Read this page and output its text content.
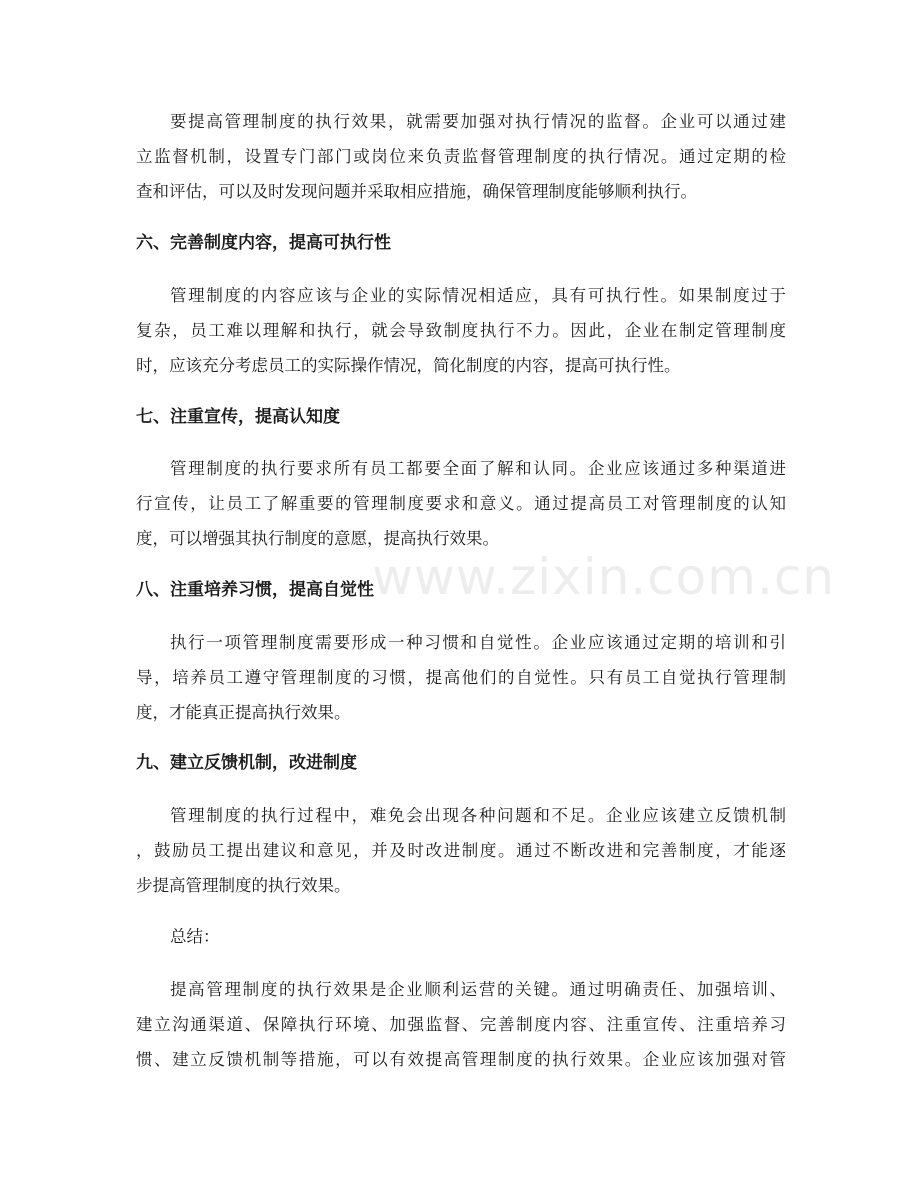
www.zixin.com.cn
要提高管理制度的执行效果，就需要加强对执行情况的监督。企业可以通过建
立监督机制，设置专门部门或岗位来负责监督管理制度的执行情况。通过定期的检
查和评估，可以及时发现问题并采取相应措施，确保管理制度能够顺利执行。
六、完善制度内容，提高可执行性
管理制度的内容应该与企业的实际情况相适应，具有可执行性。如果制度过于
复杂，员工难以理解和执行，就会导致制度执行不力。因此，企业在制定管理制度
时，应该充分考虑员工的实际操作情况，简化制度的内容，提高可执行性。
七、注重宣传，提高认知度
管理制度的执行要求所有员工都要全面了解和认同。企业应该通过多种渠道进
行宣传，让员工了解重要的管理制度要求和意义。通过提高员工对管理制度的认知
度，可以增强其执行制度的意愿，提高执行效果。
八、注重培养习惯，提高自觉性
执行一项管理制度需要形成一种习惯和自觉性。企业应该通过定期的培训和引
导，培养员工遵守管理制度的习惯，提高他们的自觉性。只有员工自觉执行管理制
度，才能真正提高执行效果。
九、建立反馈机制，改进制度
管理制度的执行过程中，难免会出现各种问题和不足。企业应该建立反馈机制
，鼓励员工提出建议和意见，并及时改进制度。通过不断改进和完善制度，才能逐
步提高管理制度的执行效果。
总结：
提高管理制度的执行效果是企业顺利运营的关键。通过明确责任、加强培训、
建立沟通渠道、保障执行环境、加强监督、完善制度内容、注重宣传、注重培养习
惯、建立反馈机制等措施，可以有效提高管理制度的执行效果。企业应该加强对管
